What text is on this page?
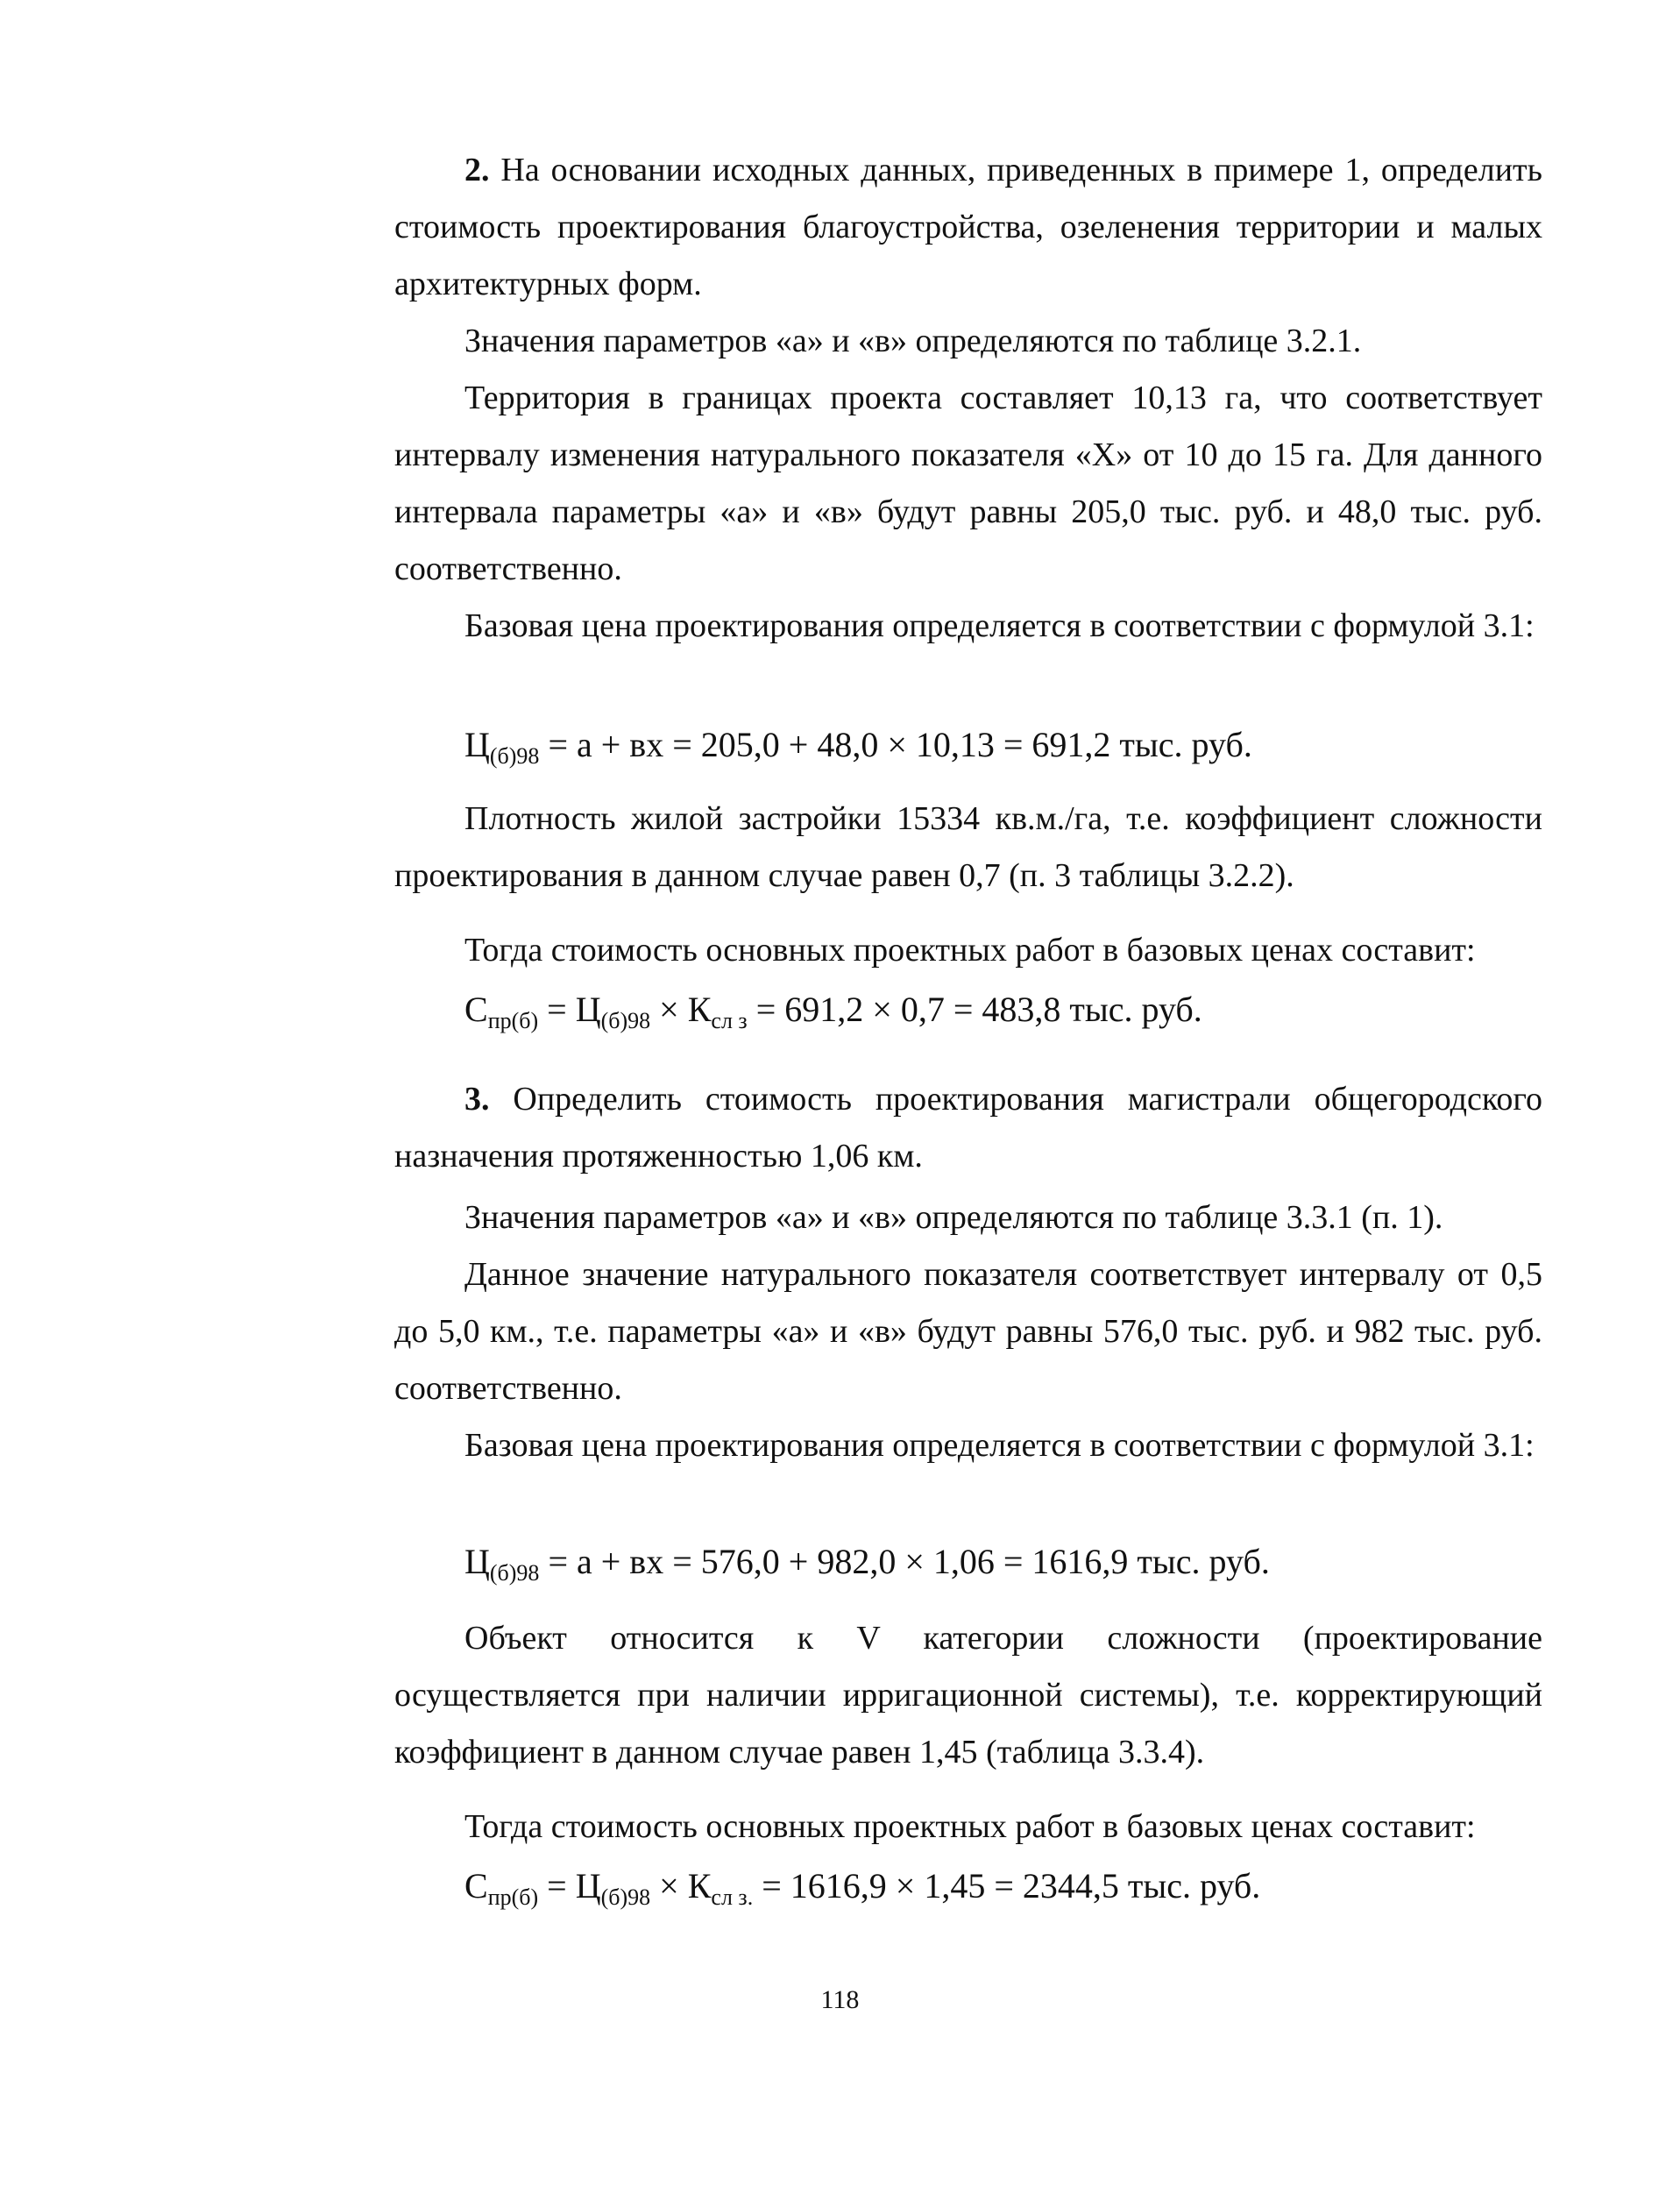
2. На основании исходных данных, приведенных в примере 1, определить стоимость проектирования благоустройства, озеленения территории и малых архитектурных форм.

Значения параметров «а» и «в» определяются по таблице 3.2.1.

Территория в границах проекта составляет 10,13 га, что соответствует интервалу изменения натурального показателя «Х» от 10 до 15 га. Для данного интервала параметры «а» и «в» будут равны 205,0 тыс. руб. и 48,0 тыс. руб. соответственно.

Базовая цена проектирования определяется в соответствии с формулой 3.1:

$Ц_{(б)98} = а$ + вх = 205,0 + 48,0 × 10,13 = 691,2 тыс. руб.

Плотность жилой застройки 15334 кв.м./га, т.е. коэффициент сложности проектирования в данном случае равен 0,7 (п. 3 таблицы 3.2.2).

Тогда стоимость основных проектных работ в базовых ценах составит:

$С_{пр(б)} = Ц_{(б)98} \times К_{сл з} = 691,2 \times 0,7 = 483,8$ тыс. руб.

3. Определить стоимость проектирования магистрали общегородского назначения протяженностью 1,06 км.

Значения параметров «а» и «в» определяются по таблице 3.3.1 (п. 1).

Данное значение натурального показателя соответствует интервалу от 0,5 до 5,0 км., т.е. параметры «а» и «в» будут равны 576,0 тыс. руб. и 982 тыс. руб. соответственно.

Базовая цена проектирования определяется в соответствии с формулой 3.1:

$Ц_{(б)98} = а$ + вх = 576,0 + 982,0 × 1,06 = 1616,9 тыс. руб.

Объект относится к V категории сложности (проектирование осуществляется при наличии ирригационной системы), т.е. корректирующий коэффициент в данном случае равен 1,45 (таблица 3.3.4).

Тогда стоимость основных проектных работ в базовых ценах составит:

$С_{пр(б)} = Ц_{(б)98} \times К_{сл з.} = 1616,9 \times 1,45 = 2344,5$ тыс. руб.

118
